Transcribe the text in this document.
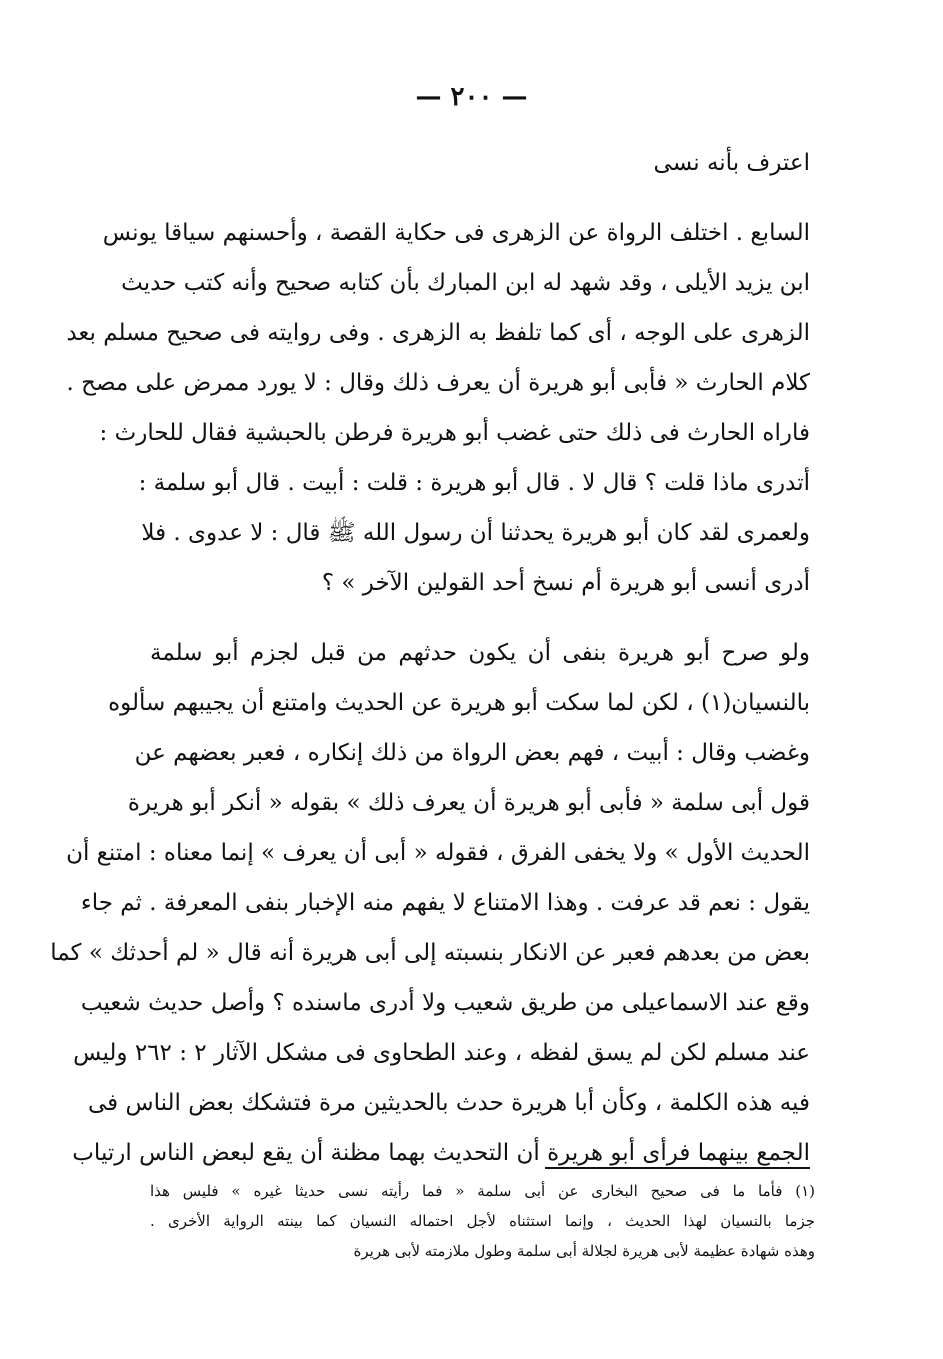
— ٢٠٠ —
اعترف بأنه نسى
السابع . اختلف الرواة عن الزهرى فى حكاية القصة ، وأحسنهم سياقا يونس
ابن يزيد الأيلى ، وقد شهد له ابن المبارك بأن كتابه صحيح وأنه كتب حديث
الزهرى على الوجه ، أى كما تلفظ به الزهرى . وفى روايته فى صحيح مسلم بعد
كلام الحارث « فأبى أبو هريرة أن يعرف ذلك وقال : لا يورد ممرض على مصح .
فاراه الحارث فى ذلك حتى غضب أبو هريرة فرطن بالحبشية فقال للحارث :
أتدرى ماذا قلت ؟ قال لا . قال أبو هريرة : قلت : أبيت . قال أبو سلمة :
ولعمرى لقد كان أبو هريرة يحدثنا أن رسول الله ﷺ قال : لا عدوى . فلا
أدرى أنسى أبو هريرة أم نسخ أحد القولين الآخر » ؟
ولو صرح أبو هريرة بنفى أن يكون حدثهم من قبل لجزم أبو سلمة
بالنسيان(١) ، لكن لما سكت أبو هريرة عن الحديث وامتنع أن يجيبهم سألوه
وغضب وقال : أبيت ، فهم بعض الرواة من ذلك إنكاره ، فعبر بعضهم عن
قول أبى سلمة « فأبى أبو هريرة أن يعرف ذلك » بقوله « أنكر أبو هريرة
الحديث الأول » ولا يخفى الفرق ، فقوله « أبى أن يعرف » إنما معناه : امتنع أن
يقول : نعم قد عرفت . وهذا الامتناع لا يفهم منه الإخبار بنفى المعرفة . ثم جاء
بعض من بعدهم فعبر عن الانكار بنسبته إلى أبى هريرة أنه قال « لم أحدثك » كما
وقع عند الاسماعيلى من طريق شعيب ولا أدرى ماسنده ؟ وأصل حديث شعيب
عند مسلم لكن لم يسق لفظه ، وعند الطحاوى فى مشكل الآثار ٢ : ٢٦٢ وليس
فيه هذه الكلمة ، وكأن أبا هريرة حدث بالحديثين مرة فتشكك بعض الناس فى
الجمع بينهما فرأى أبو هريرة أن التحديث بهما مظنة أن يقع لبعض الناس ارتياب
(١) فأما ما فى صحيح البخارى عن أبى سلمة « فما رأيته نسى حديثا غيره » فليس هذا
جزما بالنسيان لهذا الحديث ، وإنما استثناه لأجل احتماله النسيان كما بينته الرواية الأخرى .
وهذه شهادة عظيمة لأبى هريرة لجلالة أبى سلمة وطول ملازمته لأبى هريرة
